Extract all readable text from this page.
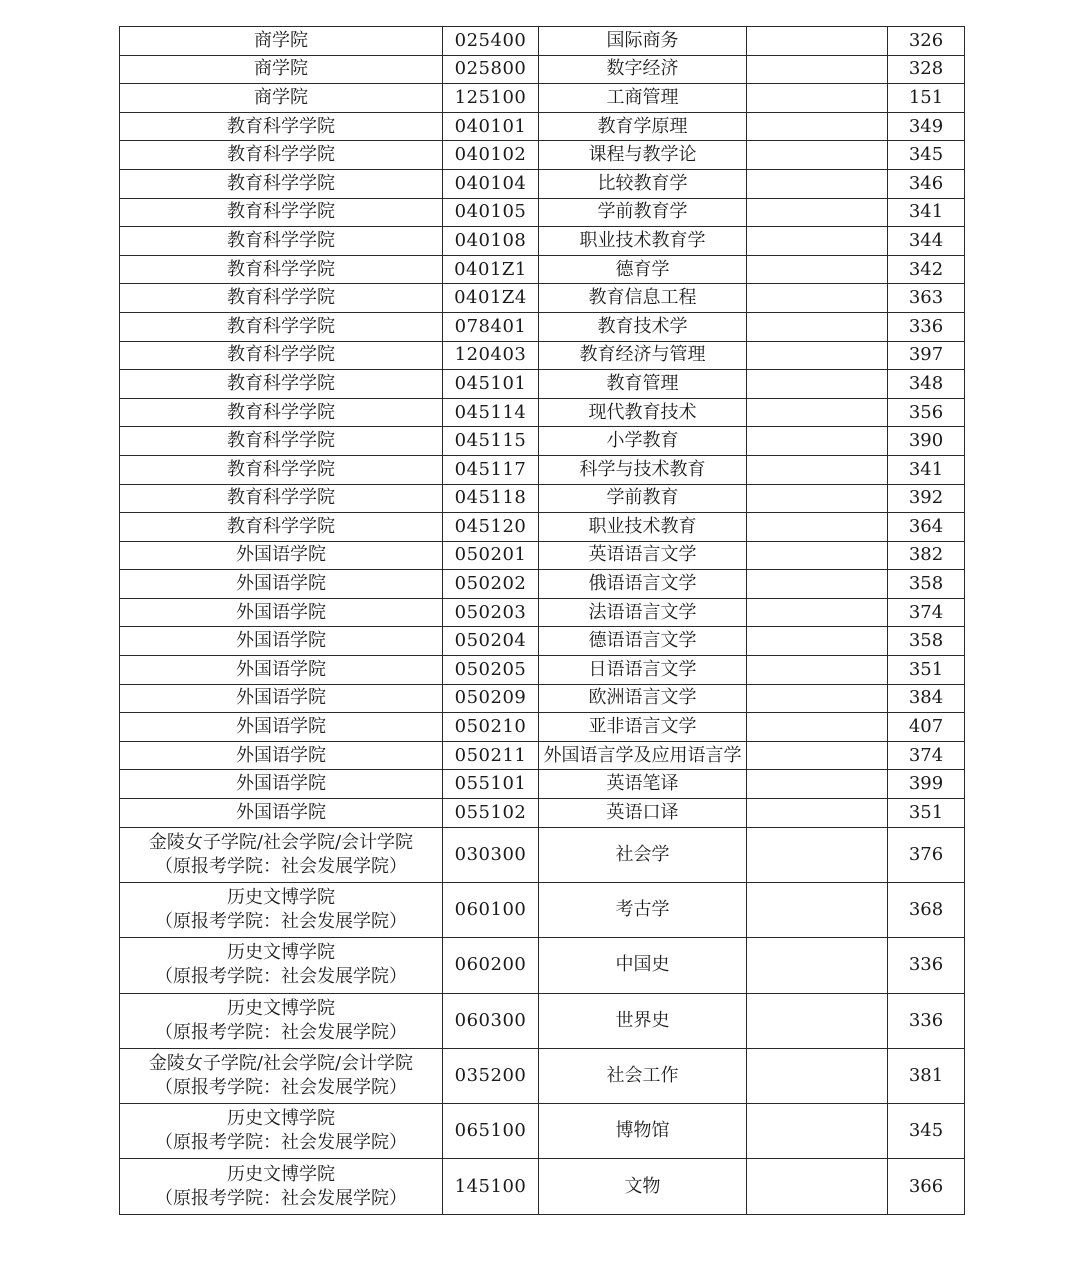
商学院	025400	国际商务		326

商学院	025800	数字经济		328

商学院	125100	工商管理		151

教育科学学院	040101	教育学原理		349

教育科学学院	040102	课程与教学论		345

教育科学学院	040104	比较教育学		346

教育科学学院	040105	学前教育学		341

教育科学学院	040108	职业技术教育学		344

教育科学学院	0401Z1	德育学		342

教育科学学院	0401Z4	教育信息工程		363

教育科学学院	078401	教育技术学		336

教育科学学院	120403	教育经济与管理		397

教育科学学院	045101	教育管理		348

教育科学学院	045114	现代教育技术		356

教育科学学院	045115	小学教育		390

教育科学学院	045117	科学与技术教育		341

教育科学学院	045118	学前教育		392

教育科学学院	045120	职业技术教育		364

外国语学院	050201	英语语言文学		382

外国语学院	050202	俄语语言文学		358

外国语学院	050203	法语语言文学		374

外国语学院	050204	德语语言文学		358

外国语学院	050205	日语语言文学		351

外国语学院	050209	欧洲语言文学		384

外国语学院	050210	亚非语言文学		407

外国语学院	050211	外国语言学及应用语言学		374

外国语学院	055101	英语笔译		399

外国语学院	055102	英语口译		351

金陵女子学院/社会学院/会计学院
（原报考学院：社会发展学院）	030300	社会学		376

历史文博学院
（原报考学院：社会发展学院）	060100	考古学		368

历史文博学院
（原报考学院：社会发展学院）	060200	中国史		336

历史文博学院
（原报考学院：社会发展学院）	060300	世界史		336

金陵女子学院/社会学院/会计学院
（原报考学院：社会发展学院）	035200	社会工作		381

历史文博学院
（原报考学院：社会发展学院）	065100	博物馆		345

历史文博学院
（原报考学院：社会发展学院）	145100	文物		366
